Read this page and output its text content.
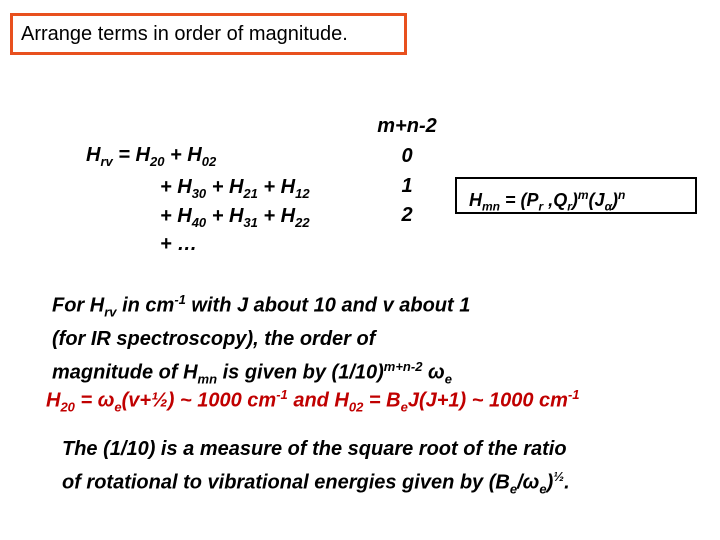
Arrange terms in order of magnitude.
$H_{rv} = H_{20} + H_{02}$
+ $H_{30} + H_{21} + H_{12}$
+ $H_{40} + H_{31} + H_{22}$
+ …
m+n-2
0
1
2
$H_{mn} = (P_r$ $,Q_r)^m(J_\alpha)^n$
For $H_{rv}$ in $cm^{-1}$ with J about 10 and v about 1
(for IR spectroscopy), the order of
magnitude of $H_{mn}$ is given by $(1/10)^{m+n-2}$ $\omega_e$
$H_{20}$ = $\omega_e(v+\frac{1}{2})$ ~ 1000 $cm^{-1}$ and $H_{02} = B_eJ(J+1)$ ~ 1000 $cm^{-1}$
The (1/10) is a measure of the square root of the ratio
of rotational to vibrational energies given by $(B_e/\omega_e)^{\frac{1}{2}}$.
